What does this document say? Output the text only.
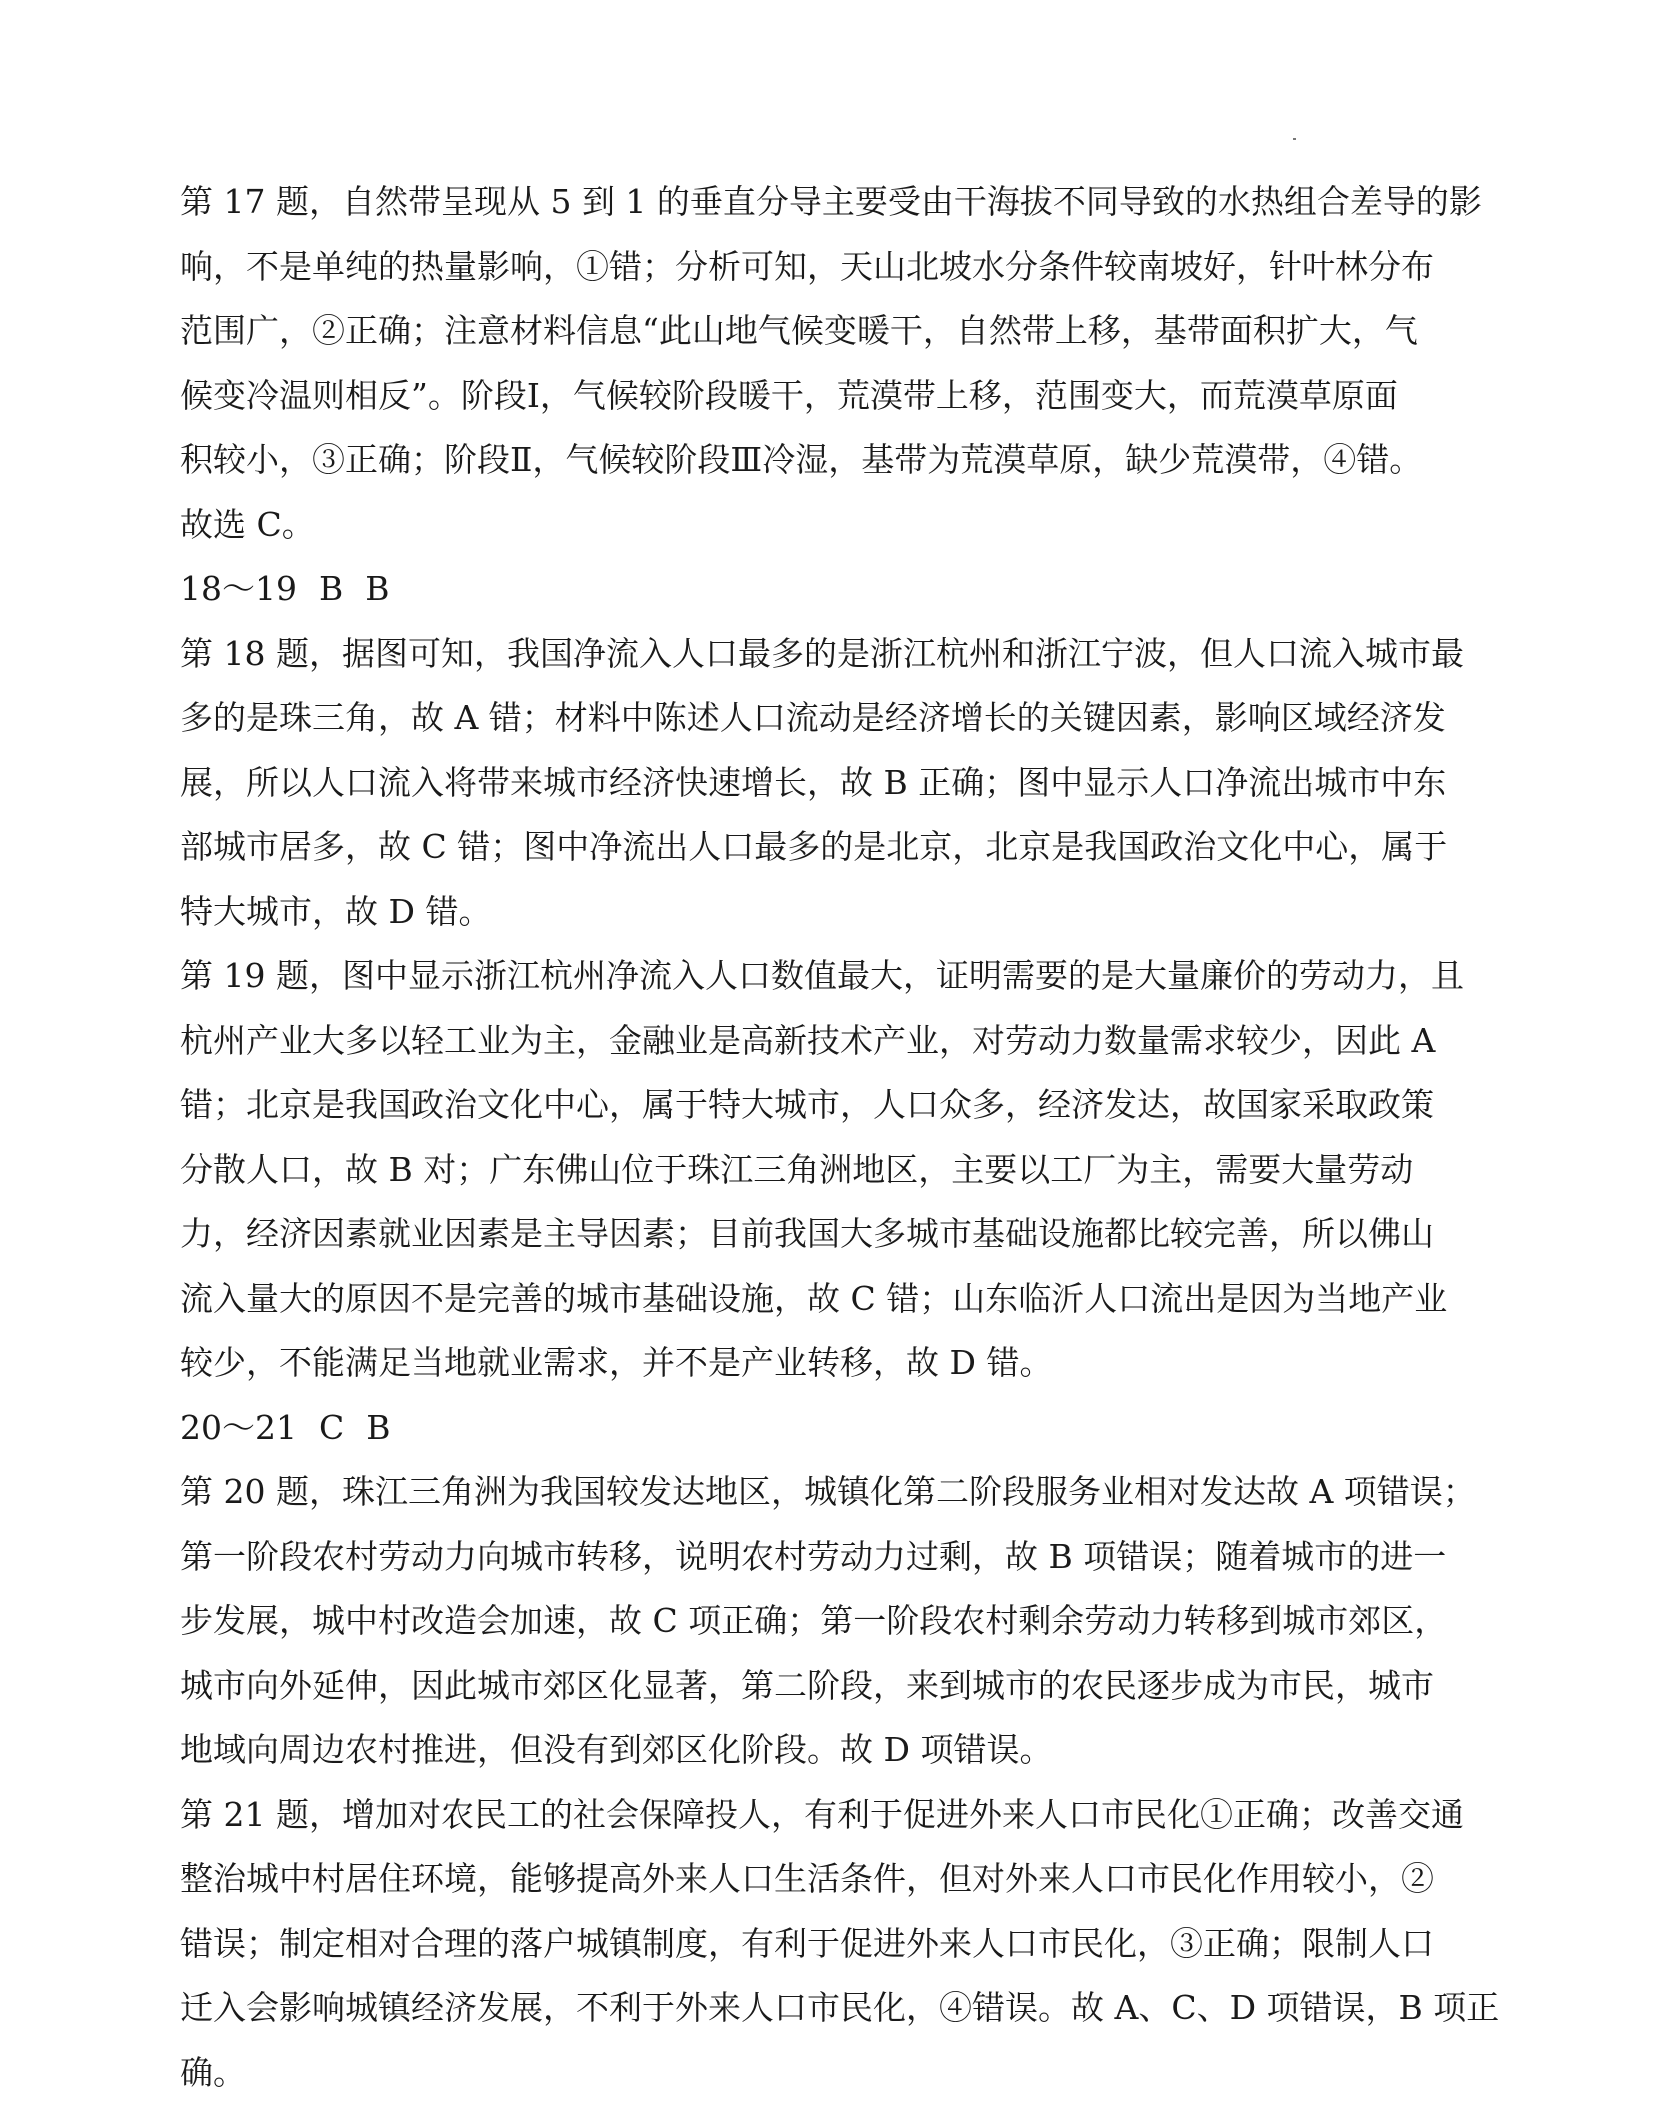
第 17 题，自然带呈现从 5 到 1 的垂直分导主要受由干海拔不同导致的水热组合差导的影
响，不是单纯的热量影响，①错；分析可知，天山北坡水分条件较南坡好，针叶林分布
范围广，②正确；注意材料信息“此山地气候变暖干，自然带上移，基带面积扩大，气
候变冷温则相反”。阶段Ⅰ，气候较阶段暖干，荒漠带上移，范围变大，而荒漠草原面
积较小，③正确；阶段Ⅱ，气候较阶段Ⅲ冷湿，基带为荒漠草原，缺少荒漠带，④错。
故选 C。

18～19 B B

第 18 题，据图可知，我国净流入人口最多的是浙江杭州和浙江宁波，但人口流入城市最
多的是珠三角，故 A 错；材料中陈述人口流动是经济增长的关键因素，影响区域经济发
展，所以人口流入将带来城市经济快速增长，故 B 正确；图中显示人口净流出城市中东
部城市居多，故 C 错；图中净流出人口最多的是北京，北京是我国政治文化中心，属于
特大城市，故 D 错。

第 19 题，图中显示浙江杭州净流入人口数值最大，证明需要的是大量廉价的劳动力，且
杭州产业大多以轻工业为主，金融业是高新技术产业，对劳动力数量需求较少，因此 A
错；北京是我国政治文化中心，属于特大城市，人口众多，经济发达，故国家采取政策
分散人口，故 B 对；广东佛山位于珠江三角洲地区，主要以工厂为主，需要大量劳动
力，经济因素就业因素是主导因素；目前我国大多城市基础设施都比较完善，所以佛山
流入量大的原因不是完善的城市基础设施，故 C 错；山东临沂人口流出是因为当地产业
较少，不能满足当地就业需求，并不是产业转移，故 D 错。

20～21 C B

第 20 题，珠江三角洲为我国较发达地区，城镇化第二阶段服务业相对发达故 A 项错误；
第一阶段农村劳动力向城市转移，说明农村劳动力过剩，故 B 项错误；随着城市的进一
步发展，城中村改造会加速，故 C 项正确；第一阶段农村剩余劳动力转移到城市郊区，
城市向外延伸，因此城市郊区化显著，第二阶段，来到城市的农民逐步成为市民，城市
地域向周边农村推进，但没有到郊区化阶段。故 D 项错误。

第 21 题，增加对农民工的社会保障投人，有利于促进外来人口市民化①正确；改善交通
整治城中村居住环境，能够提高外来人口生活条件，但对外来人口市民化作用较小，②
错误；制定相对合理的落户城镇制度，有利于促进外来人口市民化，③正确；限制人口
迁入会影响城镇经济发展，不利于外来人口市民化，④错误。故 A、C、D 项错误，B 项正
确。
